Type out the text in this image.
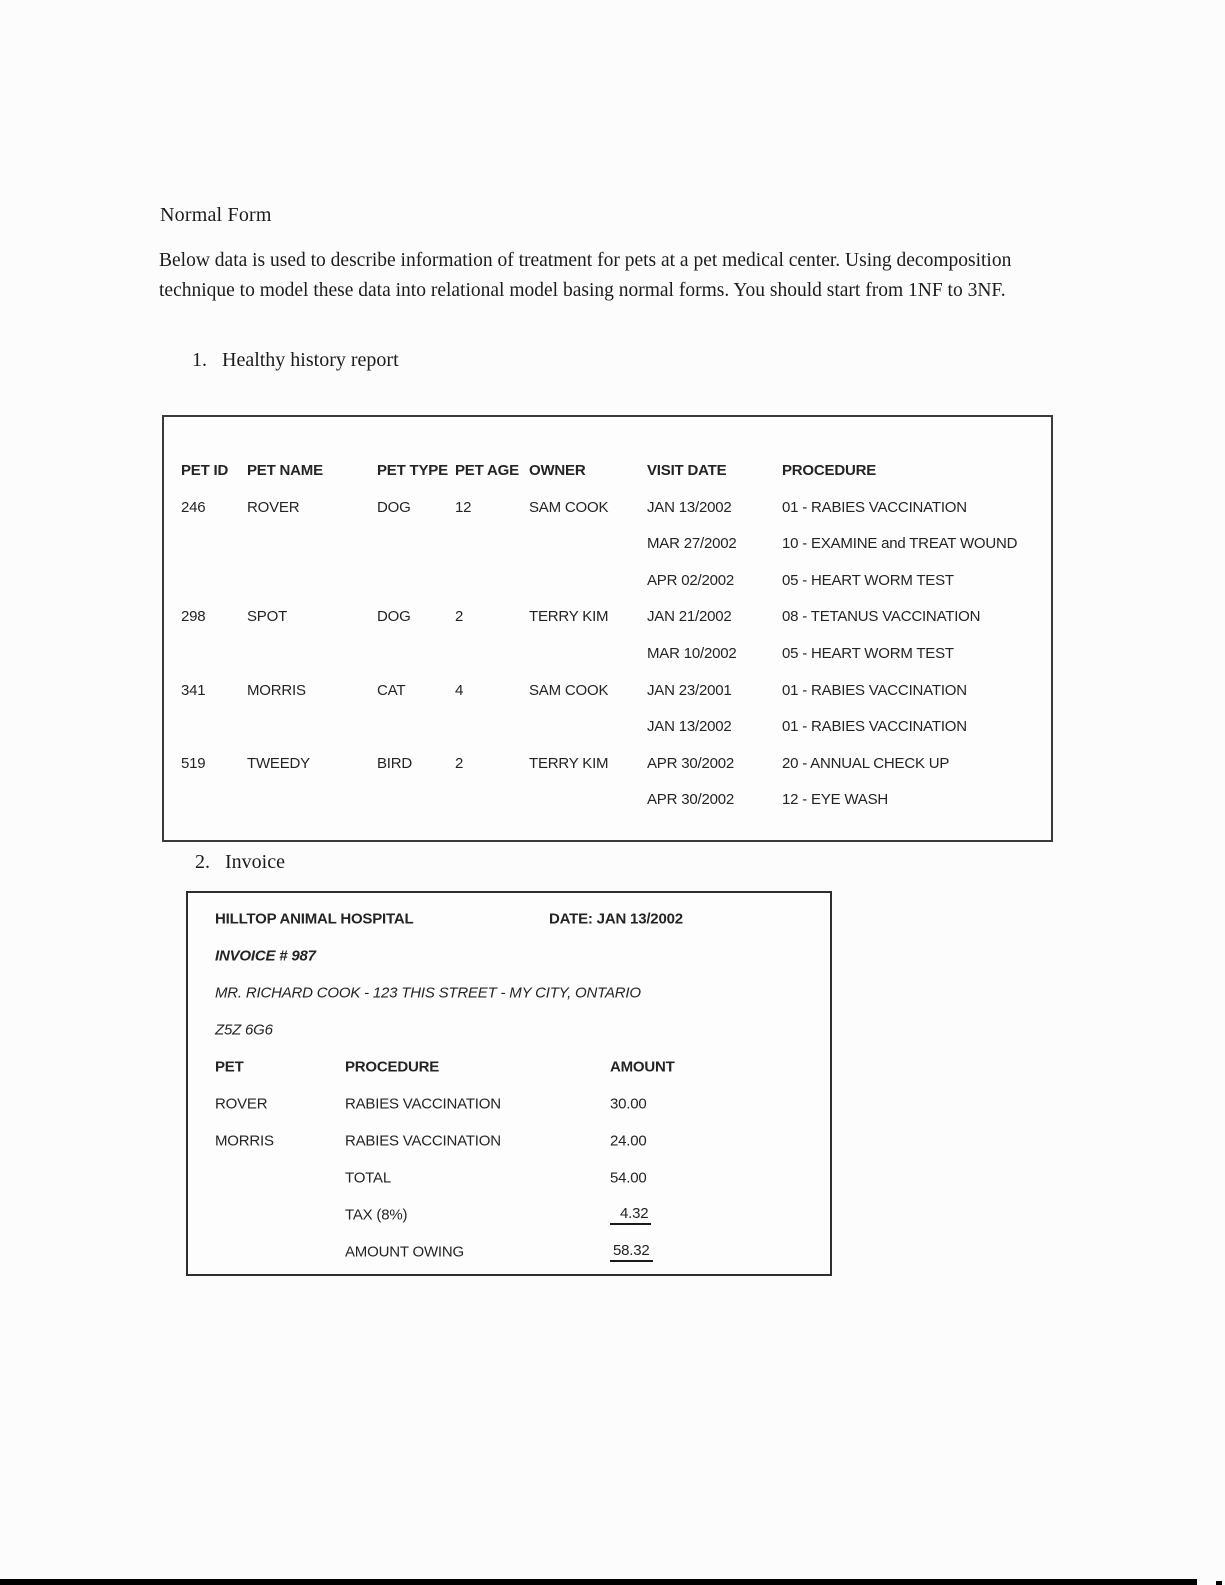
Normal Form
Below data is used to describe information of treatment for pets at a pet medical center. Using decomposition
technique to model these data into relational model basing normal forms. You should start from 1NF to 3NF.
1. Healthy history report
PET ID	PET NAME	PET TYPE PET AGE OWNER	VISIT DATE	PROCEDURE
246	ROVER	DOG	12	SAM COOK	JAN 13/2002	01 - RABIES VACCINATION
MAR 27/2002	10 - EXAMINE and TREAT WOUND
APR 02/2002	05 - HEART WORM TEST
298	SPOT	DOG	2	TERRY KIM	JAN 21/2002	08 - TETANUS VACCINATION
MAR 10/2002	05 - HEART WORM TEST
341	MORRIS	CAT	4	SAM COOK	JAN 23/2001	01 - RABIES VACCINATION
JAN 13/2002	01 - RABIES VACCINATION
519	TWEEDY	BIRD	2	TERRY KIM	APR 30/2002	20 - ANNUAL CHECK UP
APR 30/2002	12 - EYE WASH
2. Invoice
HILLTOP ANIMAL HOSPITAL	DATE: JAN 13/2002
INVOICE # 987
MR. RICHARD COOK - 123 THIS STREET - MY CITY, ONTARIO
Z5Z 6G6
PET	PROCEDURE	AMOUNT
ROVER	RABIES VACCINATION	30.00
MORRIS	RABIES VACCINATION	24.00
TOTAL	54.00
TAX (8%)	4.32
AMOUNT OWING	58.32
